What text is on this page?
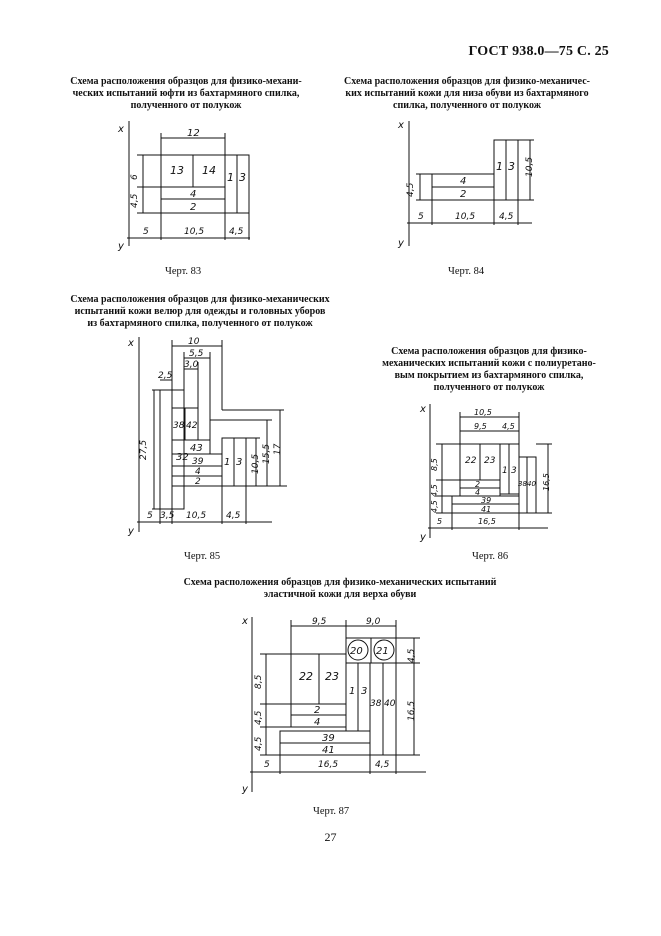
ГОСТ 938.0—75 С. 25
Схема расположения образцов для физико-механи-
ческих испытаний юфти из бахтармяного спилка,
полученного от полукож
x
y
12
13 14
4
2
1 3
6
4,5
5	10,5	4,5
Черт. 83
Схема расположения образцов для физико-механичес-
ких испытаний кожи для низа обуви из бахтармяного
спилка, полученного от полукож
x
y
1 3
4
2
10,5
4,5
5	10,5	4,5
Черт. 84
Схема расположения образцов для физико-механических
испытаний кожи велюр для одежды и головных уборов
из бахтармяного спилка, полученного от полукож
x
y
10
5,5
3,0
2,5
38 42
32
43
39
4
2
1 3 10,5 15,5 17
27,5
5 3,5 10,5 4,5
Черт. 85
Схема расположения образцов для физико-
механических испытаний кожи с полиуретано-
вым покрытием из бахтармяного спилка,
полученного от полукож
x
y
10,5
9,5 4,5
22 23
1 3
38 40
2
4
39
41
8,5
4,5
4,5
16,5
5	16,5
Черт. 86
Схема расположения образцов для физико-механических испытаний
эластичной кожи для верха обуви
x
y
9,5	9,0
20 21
22 23
1 3
38 40
2
4
39
41
8,5
4,5
4,5
4,5
16,5
5	16,5	4,5
Черт. 87
27
